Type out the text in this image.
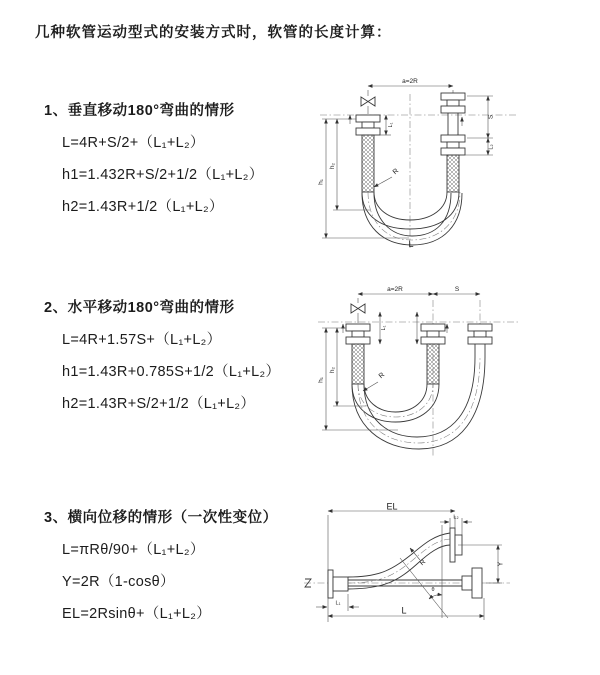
几种软管运动型式的安装方式时，软管的长度计算：
1、垂直移动180°弯曲的情形
L=4R+S/2+（L₁+L₂）
h1=1.432R+S/2+1/2（L₁+L₂）
h2=1.43R+1/2（L₁+L₂）
a=2R
h₁
h₂
L₁
S
L₂
R
L
2、水平移动180°弯曲的情形
L=4R+1.57S+（L₁+L₂）
h1=1.43R+0.785S+1/2（L₁+L₂）
h2=1.43R+S/2+1/2（L₁+L₂）
a=2R	S
h₁
h₂
L₁
R
3、横向位移的情形（一次性变位）
L=πRθ/90+（L₁+L₂）
Y=2R（1-cosθ）
EL=2Rsinθ+（L₁+L₂）
EL
L₂
θ
R	Y
L₁
L
